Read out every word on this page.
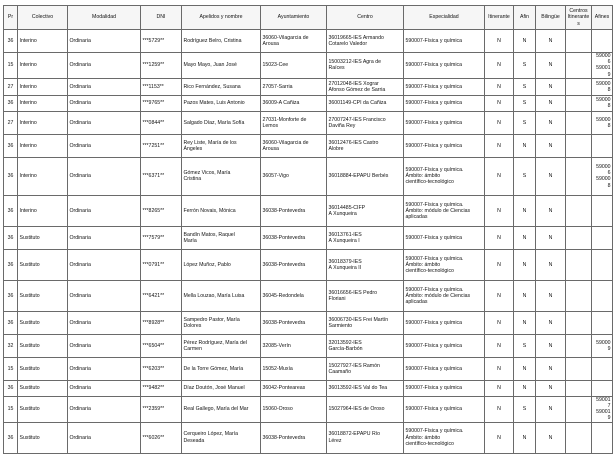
Pr	Colectivo	Modalidad	DNI	Apelidos y nombre	Ayuntamiento	Centro	Especialidad	Itinerante	Afin	Bilingüe	Centros Itinerantes	Afines
36	Interino	Ordinaria	***5729**	Rodríguez Belro, Cristina	36060-Vilagarcia de
Arousa	36019665-IES Armando
Cotarelo Valedor	590007-Física y química	N	N	N		
15	Interino	Ordinaria	***1259**	Mayo Mayo, Juan José	15023-Cee	15003212-IES Agra de
Raíces	590007-Física y química	N	S	N		590006
590019

27	Interino	Ordinaria	***1153**	Rico Fernández, Susana	27057-Sarria	27012048-IES Xograr
Afonso Gómez de Sarria	590007-Física y química	N	S	N		590008

36	Interino	Ordinaria	***9765**	Pazos Mates, Luis Antonio	36009-A Cañiza	36001149-CPI da Cañiza	590007-Física y química	N	S	N		590008

27	Interino	Ordinaria	***0844**	Salgado Díaz, María Sofía	27031-Monforte de
Lemos	27007247-IES Francisco
Daviña Rey	590007-Física y química	N	S	N		590008

36	Interino	Ordinaria	***7251**	Rey Liste, María de los
Ángeles	36060-Vilagarcia de
Arousa	36012476-IES Castro
Alobre	590007-Física y química	N	N	N		
36	Interino	Ordinaria	***6371**	Gómez Vicos, María
Cristina	36057-Vigo	36018884-EPAPU Berbés	590007-Física y química.
Ámbito: ámbito
científico-tecnológico	N	S	N		590006
590008

36	Interino	Ordinaria	***8265**	Ferrón Novais, Mónica	36038-Pontevedra	36014485-CIFP
A Xunqueira	590007-Física y química.
Ámbito: módulo de Ciencias
aplicadas	N	N	N		
36	Sustituto	Ordinaria	***7579**	Bandín Matos, Raquel
María	36038-Pontevedra	36013761-IES
A Xunqueira I	590007-Física y química	N	N	N		
36	Sustituto	Ordinaria	***0791**	López Muñoz, Pablo	36038-Pontevedra	36018379-IES
A Xunqueira II	590007-Física y química.
Ámbito: ámbito
científico-tecnológico	N	N	N		
36	Sustituto	Ordinaria	***6421**	Mella Louzao, María Luisa	36045-Redondela	36016656-IES Pedro
Floriani	590007-Física y química.
Ámbito: módulo de Ciencias
aplicadas	N	N	N		
36	Sustituto	Ordinaria	***8928**	Sampedro Pastor, María
Dolores	36038-Pontevedra	36006730-IES Frei Martín
Sarmiento	590007-Física y química	N	N	N		
32	Sustituto	Ordinaria	***6504**	Pérez Rodríguez, María del
Carmen	32085-Verín	32013592-IES
García-Barbón	590007-Física y química	N	S	N		590009

15	Sustituto	Ordinaria	***6203**	De la Torre Gómez, María	15052-Muxía	15027927-IES Ramón
Caamaño	590007-Física y química	N	N	N		
36	Sustituto	Ordinaria	***9482**	Díaz Doutón, José Manuel	36042-Ponteareas	36013592-IES Val do Tea	590007-Física y química	N	N	N		
15	Sustituto	Ordinaria	***2359**	Real Gallego, María del Mar	15060-Oroso	15027964-IES de Oroso	590007-Física y química	N	S	N		590017
590019

36	Sustituto	Ordinaria	***6026**	Cerqueiro López, María
Deseada	36038-Pontevedra	36018872-EPAPU Río
Lérez	590007-Física y química.
Ámbito: ámbito
científico-tecnológico	N	N	N		
